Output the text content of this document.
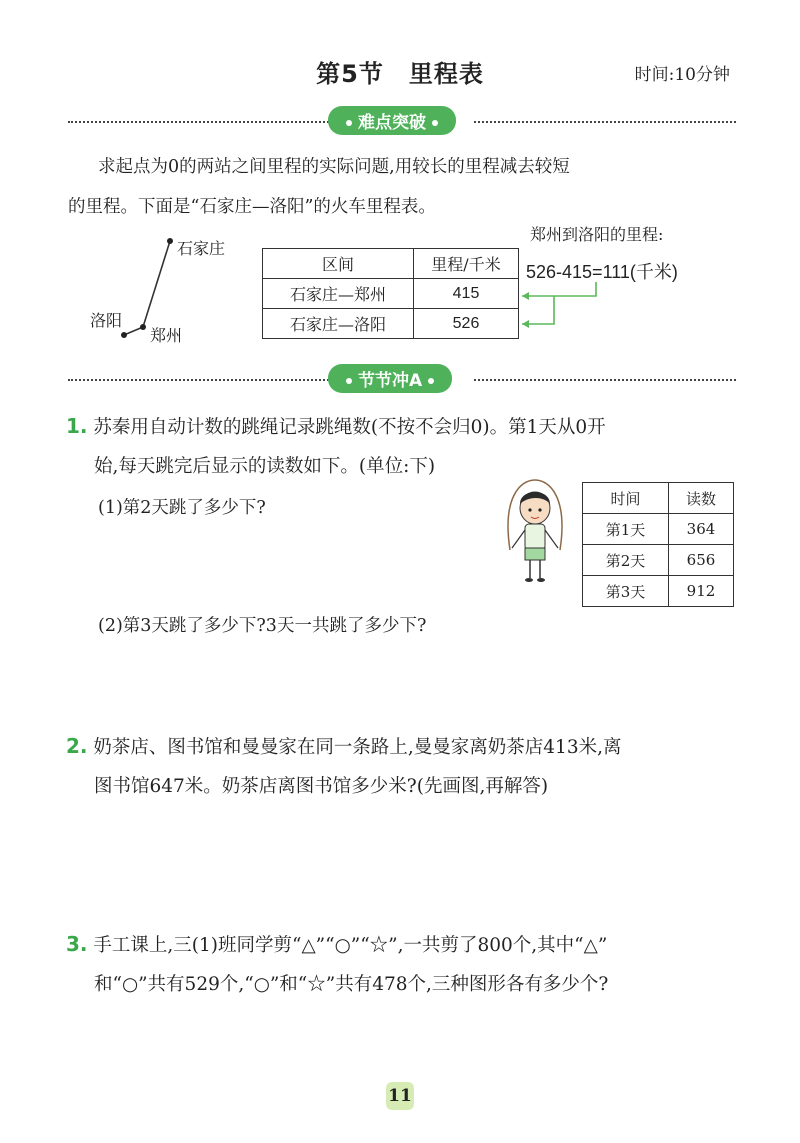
第5节　里程表	时间:10分钟
难点突破
求起点为0的两站之间里程的实际问题,用较长的里程减去较短
的里程。下面是“石家庄—洛阳”的火车里程表。
石家庄
洛阳
郑州
区间	里程/千米
石家庄—郑州	415
石家庄—洛阳	526
郑州到洛阳的里程:
526-415=111(千米)
节节冲A
1. 苏秦用自动计数的跳绳记录跳绳数(不按不会归0)。第1天从0开
始,每天跳完后显示的读数如下。(单位:下)
(1)第2天跳了多少下?
(2)第3天跳了多少下?3天一共跳了多少下?
时间	读数
第1天	364
第2天	656
第3天	912
2. 奶茶店、图书馆和曼曼家在同一条路上,曼曼家离奶茶店413米,离
图书馆647米。奶茶店离图书馆多少米?(先画图,再解答)
3. 手工课上,三(1)班同学剪“△”“○”“☆”,一共剪了800个,其中“△”
和“○”共有529个,“○”和“☆”共有478个,三种图形各有多少个?
11
